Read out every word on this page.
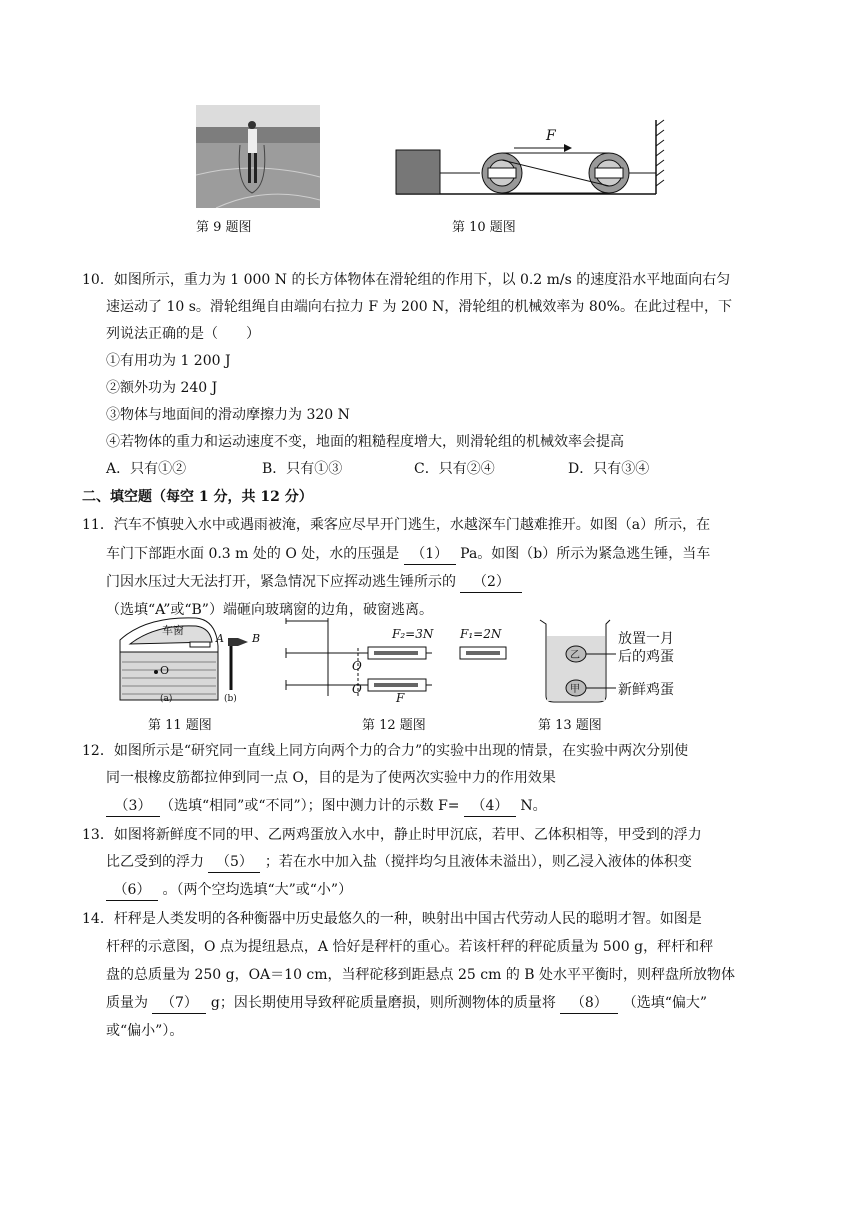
F
第 9 题图	第 10 题图
10．如图所示，重力为 1 000 N 的长方体物体在滑轮组的作用下，以 0.2 m/s 的速度沿水平地面向右匀
速运动了 10 s。滑轮组绳自由端向右拉力 F 为 200 N，滑轮组的机械效率为 80%。在此过程中，下
列说法正确的是（　　）
①有用功为 1 200 J
②额外功为 240 J
③物体与地面间的滑动摩擦力为 320 N
④若物体的重力和运动速度不变，地面的粗糙程度增大，则滑轮组的机械效率会提高
A．只有①②	B．只有①③	C．只有②④	D．只有③④
二、填空题（每空 1 分，共 12 分）
11．汽车不慎驶入水中或遇雨被淹，乘客应尽早开门逃生，水越深车门越难推开。如图（a）所示，在
车门下部距水面 0.3 m 处的 O 处，水的压强是 （1） Pa。如图（b）所示为紧急逃生锤，当车
门因水压过大无法打开，紧急情况下应挥动逃生锤所示的 （2）
（选填“A”或“B”）端砸向玻璃窗的边角，破窗逃离。
车窗
A	B
O
(a)	(b)
F₂=3N F₁=2N
F
O
O
乙
甲
放置一月
后的鸡蛋
新鲜鸡蛋
第 11 题图	第 12 题图	第 13 题图
12．如图所示是“研究同一直线上同方向两个力的合力”的实验中出现的情景，在实验中两次分别使
同一根橡皮筋都拉伸到同一点 O，目的是为了使两次实验中力的作用效果
（3） （选填“相同”或“不同”）；图中测力计的示数 F= （4） N。
13．如图将新鲜度不同的甲、乙两鸡蛋放入水中，静止时甲沉底，若甲、乙体积相等，甲受到的浮力
比乙受到的浮力 （5） ；若在水中加入盐（搅拌均匀且液体未溢出），则乙浸入液体的体积变
（6） 。（两个空均选填“大”或“小”）
14．杆秤是人类发明的各种衡器中历史最悠久的一种，映射出中国古代劳动人民的聪明才智。如图是
杆秤的示意图，O 点为提纽悬点，A 恰好是秤杆的重心。若该杆秤的秤砣质量为 500 g，秤杆和秤
盘的总质量为 250 g，OA＝10 cm，当秤砣移到距悬点 25 cm 的 B 处水平平衡时，则秤盘所放物体
质量为 （7） g；因长期使用导致秤砣质量磨损，则所测物体的质量将 （8） （选填“偏大”
或“偏小”）。
